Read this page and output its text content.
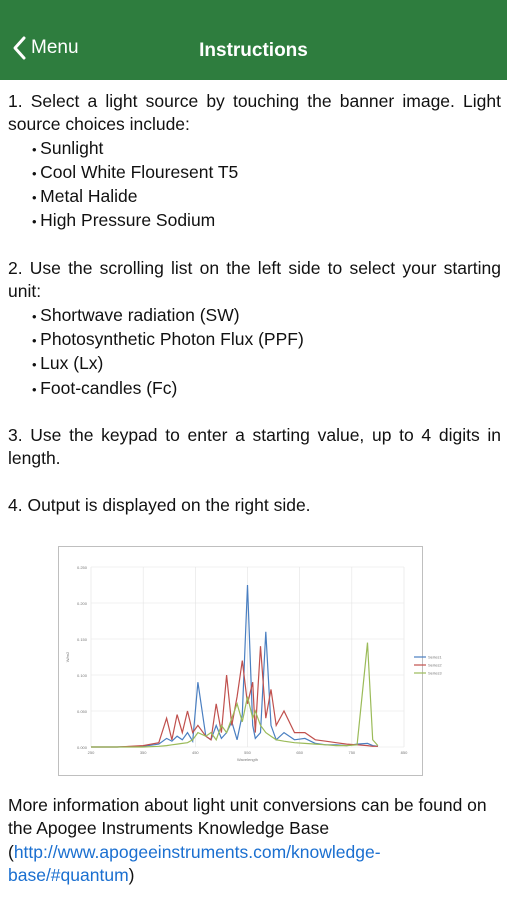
Menu	Instructions

1. Select a light source by touching the banner image. Light source choices include:

• Sunlight
• Cool White Flouresent T5
• Metal Halide
• High Pressure Sodium

2. Use the scrolling list on the left side to select your starting unit:

• Shortwave radiation (SW)
• Photosynthetic Photon Flux (PPF)
• Lux (Lx)
• Foot-candles (Fc)

3. Use the keypad to enter a starting value, up to 4 digits in length.

4. Output is displayed on the right side.

0.000
0.050
0.100
0.150
0.200
0.250
250	350	450	550	650	750	850
Wavelength
W/m2	Series1
Series2
Series3
More information about light unit conversions can be found on the Apogee Instruments Knowledge Base (http://www.apogeeinstruments.com/knowledge-base/#quantum)
